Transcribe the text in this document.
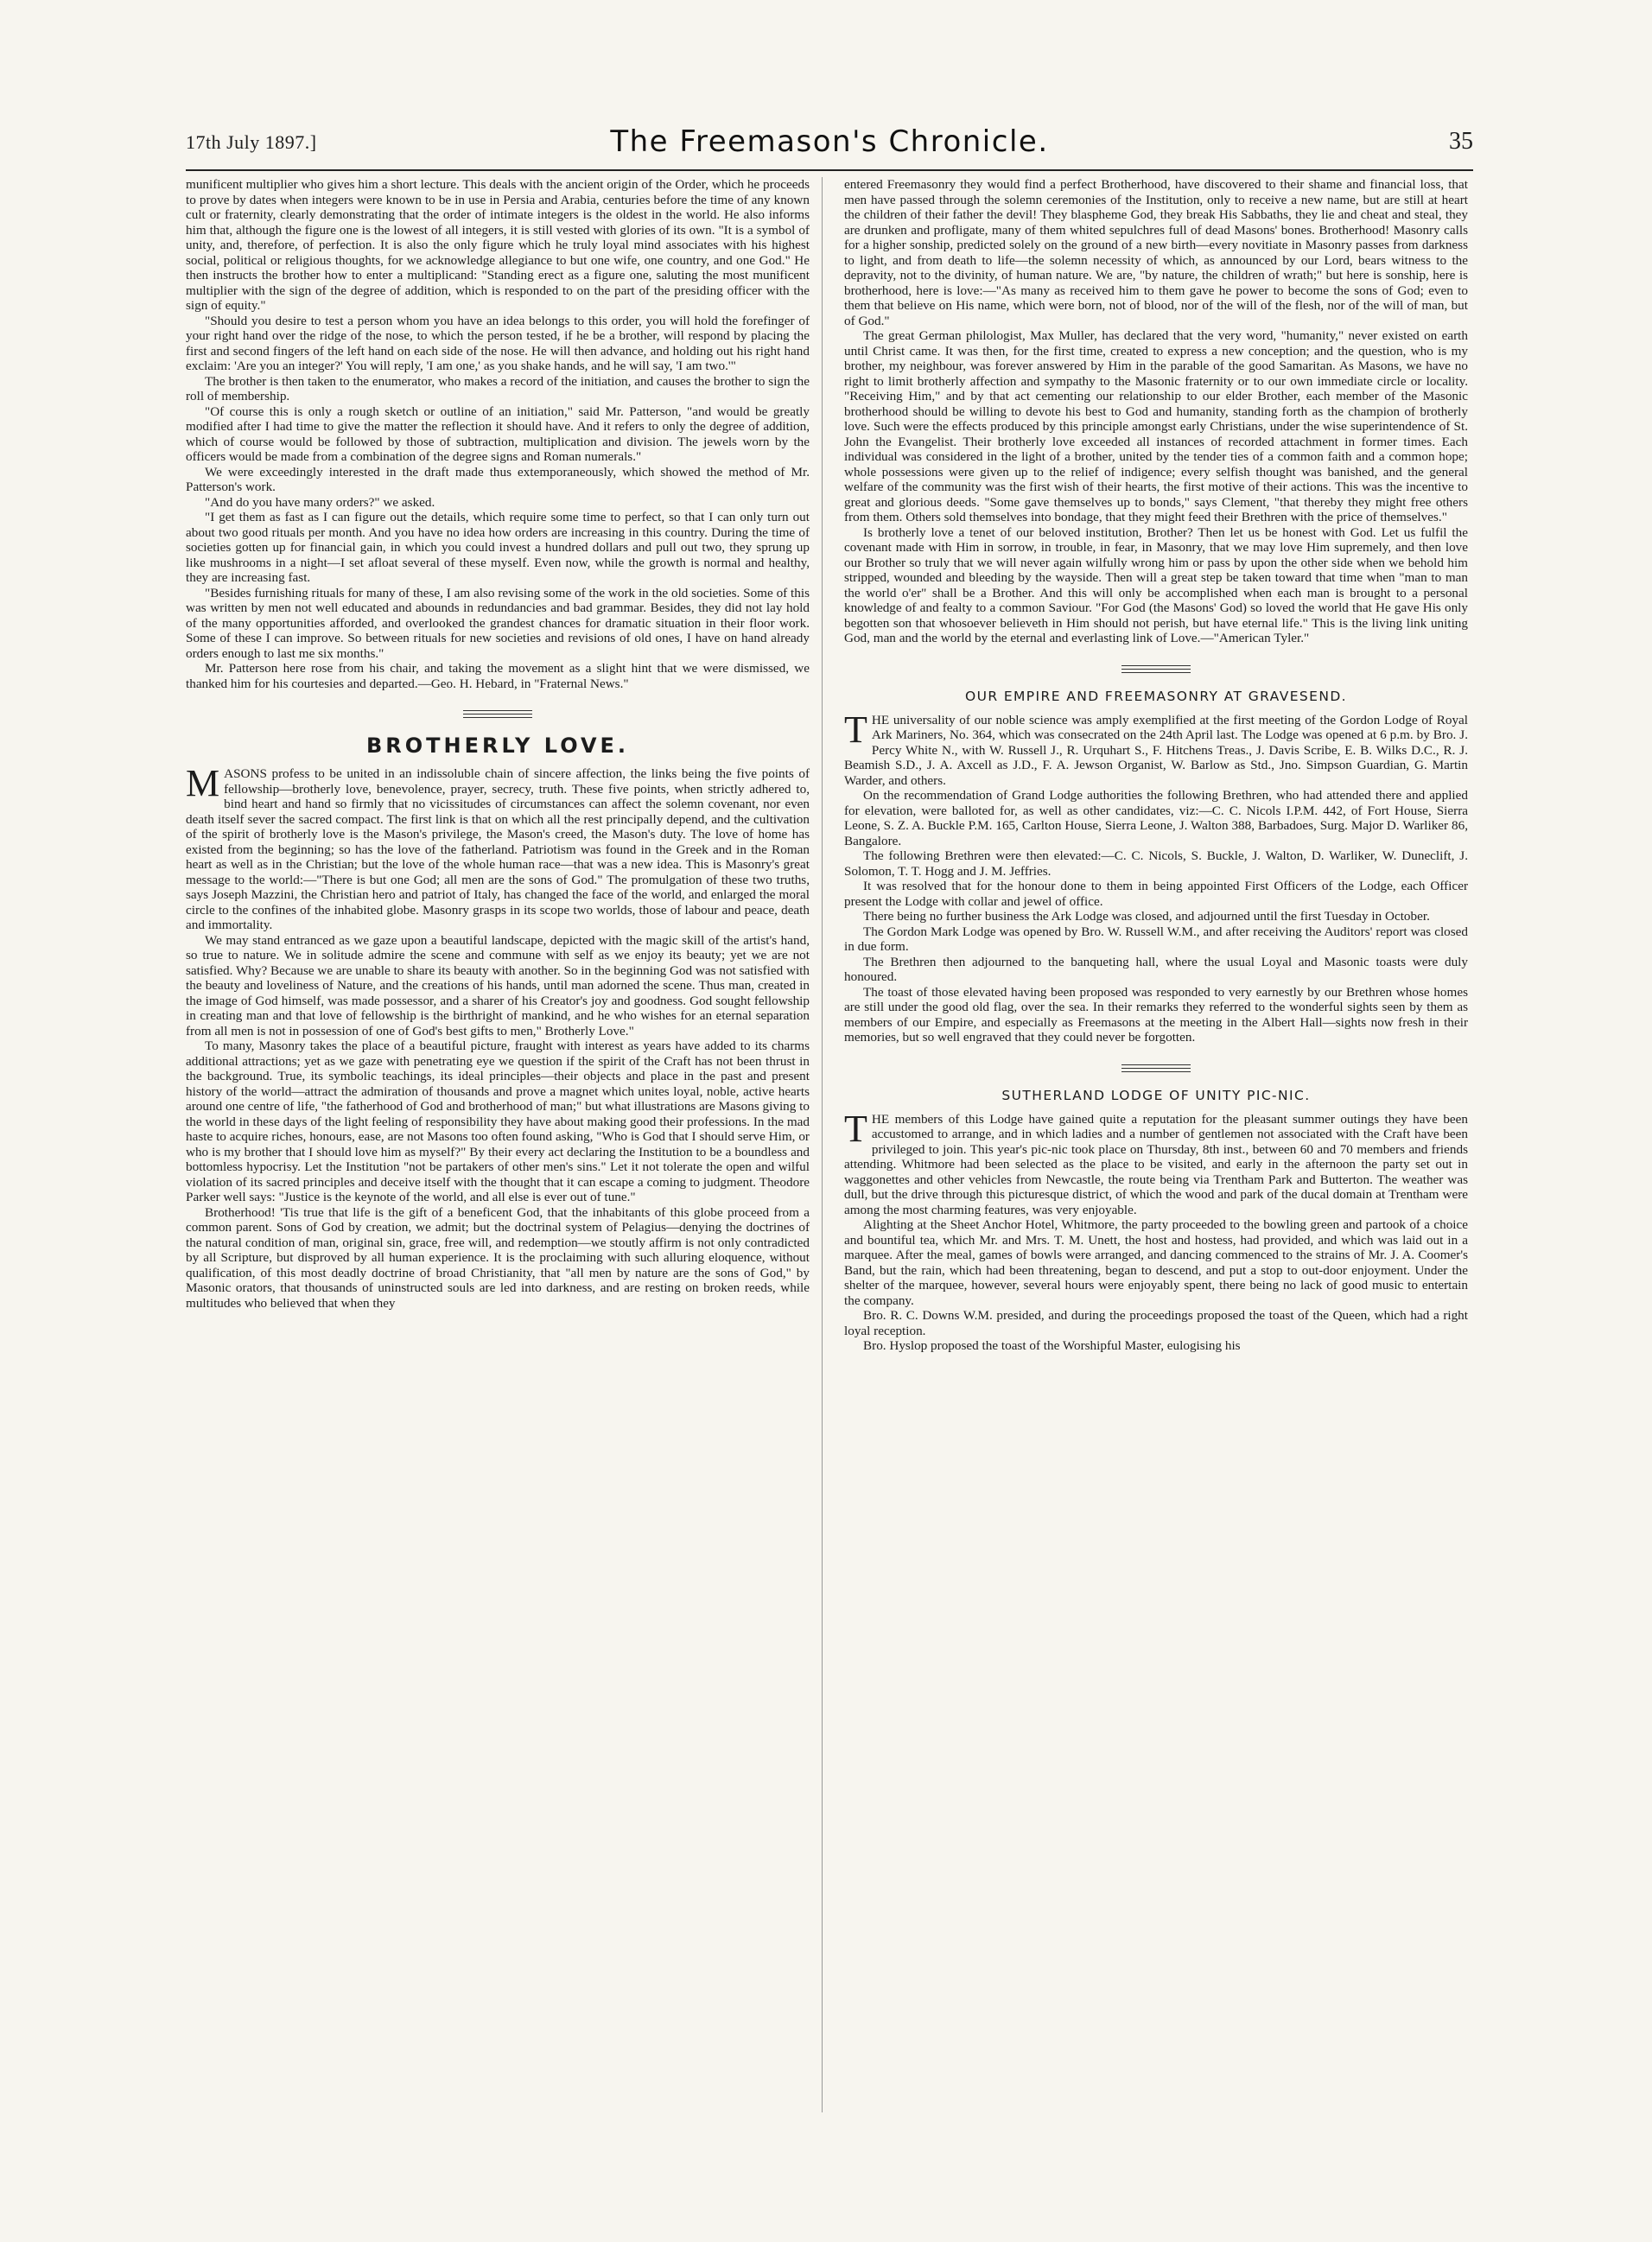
17th July 1897.]	The Freemason's Chronicle.	35

munificent multiplier who gives him a short lecture. This deals with the ancient origin of the Order, which he proceeds to prove by dates when integers were known to be in use in Persia and Arabia, centuries before the time of any known cult or fraternity, clearly demonstrating that the order of intimate integers is the oldest in the world. He also informs him that, although the figure one is the lowest of all integers, it is still vested with glories of its own. "It is a symbol of unity, and, therefore, of perfection. It is also the only figure which he truly loyal mind associates with his highest social, political or religious thoughts, for we acknowledge allegiance to but one wife, one country, and one God." He then instructs the brother how to enter a multiplicand: "Standing erect as a figure one, saluting the most munificent multiplier with the sign of the degree of addition, which is responded to on the part of the presiding officer with the sign of equity."

"Should you desire to test a person whom you have an idea belongs to this order, you will hold the forefinger of your right hand over the ridge of the nose, to which the person tested, if he be a brother, will respond by placing the first and second fingers of the left hand on each side of the nose. He will then advance, and holding out his right hand exclaim: 'Are you an integer?' You will reply, 'I am one,' as you shake hands, and he will say, 'I am two.'"

The brother is then taken to the enumerator, who makes a record of the initiation, and causes the brother to sign the roll of membership.

"Of course this is only a rough sketch or outline of an initiation," said Mr. Patterson, "and would be greatly modified after I had time to give the matter the reflection it should have. And it refers to only the degree of addition, which of course would be followed by those of subtraction, multiplication and division. The jewels worn by the officers would be made from a combination of the degree signs and Roman numerals."

We were exceedingly interested in the draft made thus extemporaneously, which showed the method of Mr. Patterson's work.

"And do you have many orders?" we asked.

"I get them as fast as I can figure out the details, which require some time to perfect, so that I can only turn out about two good rituals per month. And you have no idea how orders are increasing in this country. During the time of societies gotten up for financial gain, in which you could invest a hundred dollars and pull out two, they sprung up like mushrooms in a night—I set afloat several of these myself. Even now, while the growth is normal and healthy, they are increasing fast.

"Besides furnishing rituals for many of these, I am also revising some of the work in the old societies. Some of this was written by men not well educated and abounds in redundancies and bad grammar. Besides, they did not lay hold of the many opportunities afforded, and overlooked the grandest chances for dramatic situation in their floor work. Some of these I can improve. So between rituals for new societies and revisions of old ones, I have on hand already orders enough to last me six months."

Mr. Patterson here rose from his chair, and taking the movement as a slight hint that we were dismissed, we thanked him for his courtesies and departed.—Geo. H. Hebard, in "Fraternal News."

BROTHERLY LOVE.

MASONS profess to be united in an indissoluble chain of sincere affection, the links being the five points of fellowship—brotherly love, benevolence, prayer, secrecy, truth. These five points, when strictly adhered to, bind heart and hand so firmly that no vicissitudes of circumstances can affect the solemn covenant, nor even death itself sever the sacred compact. The first link is that on which all the rest principally depend, and the cultivation of the spirit of brotherly love is the Mason's privilege, the Mason's creed, the Mason's duty. The love of home has existed from the beginning; so has the love of the fatherland. Patriotism was found in the Greek and in the Roman heart as well as in the Christian; but the love of the whole human race—that was a new idea. This is Masonry's great message to the world:—"There is but one God; all men are the sons of God." The promulgation of these two truths, says Joseph Mazzini, the Christian hero and patriot of Italy, has changed the face of the world, and enlarged the moral circle to the confines of the inhabited globe. Masonry grasps in its scope two worlds, those of labour and peace, death and immortality.

We may stand entranced as we gaze upon a beautiful landscape, depicted with the magic skill of the artist's hand, so true to nature. We in solitude admire the scene and commune with self as we enjoy its beauty; yet we are not satisfied. Why? Because we are unable to share its beauty with another. So in the beginning God was not satisfied with the beauty and loveliness of Nature, and the creations of his hands, until man adorned the scene. Thus man, created in the image of God himself, was made possessor, and a sharer of his Creator's joy and goodness. God sought fellowship in creating man and that love of fellowship is the birthright of mankind, and he who wishes for an eternal separation from all men is not in possession of one of God's best gifts to men," Brotherly Love."

To many, Masonry takes the place of a beautiful picture, fraught with interest as years have added to its charms additional attractions; yet as we gaze with penetrating eye we question if the spirit of the Craft has not been thrust in the background. True, its symbolic teachings, its ideal principles—their objects and place in the past and present history of the world—attract the admiration of thousands and prove a magnet which unites loyal, noble, active hearts around one centre of life, "the fatherhood of God and brotherhood of man;" but what illustrations are Masons giving to the world in these days of the light feeling of responsibility they have about making good their professions. In the mad haste to acquire riches, honours, ease, are not Masons too often found asking, "Who is God that I should serve Him, or who is my brother that I should love him as myself?" By their every act declaring the Institution to be a boundless and bottomless hypocrisy. Let the Institution "not be partakers of other men's sins." Let it not tolerate the open and wilful violation of its sacred principles and deceive itself with the thought that it can escape a coming to judgment. Theodore Parker well says: "Justice is the keynote of the world, and all else is ever out of tune."

Brotherhood! 'Tis true that life is the gift of a beneficent God, that the inhabitants of this globe proceed from a common parent. Sons of God by creation, we admit; but the doctrinal system of Pelagius—denying the doctrines of the natural condition of man, original sin, grace, free will, and redemption—we stoutly affirm is not only contradicted by all Scripture, but disproved by all human experience. It is the proclaiming with such alluring eloquence, without qualification, of this most deadly doctrine of broad Christianity, that "all men by nature are the sons of God," by Masonic orators, that thousands of uninstructed souls are led into darkness, and are resting on broken reeds, while multitudes who believed that when they

entered Freemasonry they would find a perfect Brotherhood, have discovered to their shame and financial loss, that men have passed through the solemn ceremonies of the Institution, only to receive a new name, but are still at heart the children of their father the devil! They blaspheme God, they break His Sabbaths, they lie and cheat and steal, they are drunken and profligate, many of them whited sepulchres full of dead Masons' bones. Brotherhood! Masonry calls for a higher sonship, predicted solely on the ground of a new birth—every novitiate in Masonry passes from darkness to light, and from death to life—the solemn necessity of which, as announced by our Lord, bears witness to the depravity, not to the divinity, of human nature. We are, "by nature, the children of wrath;" but here is sonship, here is brotherhood, here is love:—"As many as received him to them gave he power to become the sons of God; even to them that believe on His name, which were born, not of blood, nor of the will of the flesh, nor of the will of man, but of God."

The great German philologist, Max Muller, has declared that the very word, "humanity," never existed on earth until Christ came. It was then, for the first time, created to express a new conception; and the question, who is my brother, my neighbour, was forever answered by Him in the parable of the good Samaritan. As Masons, we have no right to limit brotherly affection and sympathy to the Masonic fraternity or to our own immediate circle or locality. "Receiving Him," and by that act cementing our relationship to our elder Brother, each member of the Masonic brotherhood should be willing to devote his best to God and humanity, standing forth as the champion of brotherly love. Such were the effects produced by this principle amongst early Christians, under the wise superintendence of St. John the Evangelist. Their brotherly love exceeded all instances of recorded attachment in former times. Each individual was considered in the light of a brother, united by the tender ties of a common faith and a common hope; whole possessions were given up to the relief of indigence; every selfish thought was banished, and the general welfare of the community was the first wish of their hearts, the first motive of their actions. This was the incentive to great and glorious deeds. "Some gave themselves up to bonds," says Clement, "that thereby they might free others from them. Others sold themselves into bondage, that they might feed their Brethren with the price of themselves."

Is brotherly love a tenet of our beloved institution, Brother? Then let us be honest with God. Let us fulfil the covenant made with Him in sorrow, in trouble, in fear, in Masonry, that we may love Him supremely, and then love our Brother so truly that we will never again wilfully wrong him or pass by upon the other side when we behold him stripped, wounded and bleeding by the wayside. Then will a great step be taken toward that time when "man to man the world o'er" shall be a Brother. And this will only be accomplished when each man is brought to a personal knowledge of and fealty to a common Saviour. "For God (the Masons' God) so loved the world that He gave His only begotten son that whosoever believeth in Him should not perish, but have eternal life." This is the living link uniting God, man and the world by the eternal and everlasting link of Love.—"American Tyler."

OUR EMPIRE AND FREEMASONRY AT GRAVESEND.

THE universality of our noble science was amply exemplified at the first meeting of the Gordon Lodge of Royal Ark Mariners, No. 364, which was consecrated on the 24th April last. The Lodge was opened at 6 p.m. by Bro. J. Percy White N., with W. Russell J., R. Urquhart S., F. Hitchens Treas., J. Davis Scribe, E. B. Wilks D.C., R. J. Beamish S.D., J. A. Axcell as J.D., F. A. Jewson Organist, W. Barlow as Std., Jno. Simpson Guardian, G. Martin Warder, and others.

On the recommendation of Grand Lodge authorities the following Brethren, who had attended there and applied for elevation, were balloted for, as well as other candidates, viz:—C. C. Nicols I.P.M. 442, of Fort House, Sierra Leone, S. Z. A. Buckle P.M. 165, Carlton House, Sierra Leone, J. Walton 388, Barbadoes, Surg. Major D. Warliker 86, Bangalore.

The following Brethren were then elevated:—C. C. Nicols, S. Buckle, J. Walton, D. Warliker, W. Duneclift, J. Solomon, T. T. Hogg and J. M. Jeffries.

It was resolved that for the honour done to them in being appointed First Officers of the Lodge, each Officer present the Lodge with collar and jewel of office.

There being no further business the Ark Lodge was closed, and adjourned until the first Tuesday in October.

The Gordon Mark Lodge was opened by Bro. W. Russell W.M., and after receiving the Auditors' report was closed in due form.

The Brethren then adjourned to the banqueting hall, where the usual Loyal and Masonic toasts were duly honoured.

The toast of those elevated having been proposed was responded to very earnestly by our Brethren whose homes are still under the good old flag, over the sea. In their remarks they referred to the wonderful sights seen by them as members of our Empire, and especially as Freemasons at the meeting in the Albert Hall—sights now fresh in their memories, but so well engraved that they could never be forgotten.

SUTHERLAND LODGE OF UNITY PIC-NIC.

THE members of this Lodge have gained quite a reputation for the pleasant summer outings they have been accustomed to arrange, and in which ladies and a number of gentlemen not associated with the Craft have been privileged to join. This year's pic-nic took place on Thursday, 8th inst., between 60 and 70 members and friends attending. Whitmore had been selected as the place to be visited, and early in the afternoon the party set out in waggonettes and other vehicles from Newcastle, the route being via Trentham Park and Butterton. The weather was dull, but the drive through this picturesque district, of which the wood and park of the ducal domain at Trentham were among the most charming features, was very enjoyable.

Alighting at the Sheet Anchor Hotel, Whitmore, the party proceeded to the bowling green and partook of a choice and bountiful tea, which Mr. and Mrs. T. M. Unett, the host and hostess, had provided, and which was laid out in a marquee. After the meal, games of bowls were arranged, and dancing commenced to the strains of Mr. J. A. Coomer's Band, but the rain, which had been threatening, began to descend, and put a stop to out-door enjoyment. Under the shelter of the marquee, however, several hours were enjoyably spent, there being no lack of good music to entertain the company.

Bro. R. C. Downs W.M. presided, and during the proceedings proposed the toast of the Queen, which had a right loyal reception.

Bro. Hyslop proposed the toast of the Worshipful Master, eulogising his
